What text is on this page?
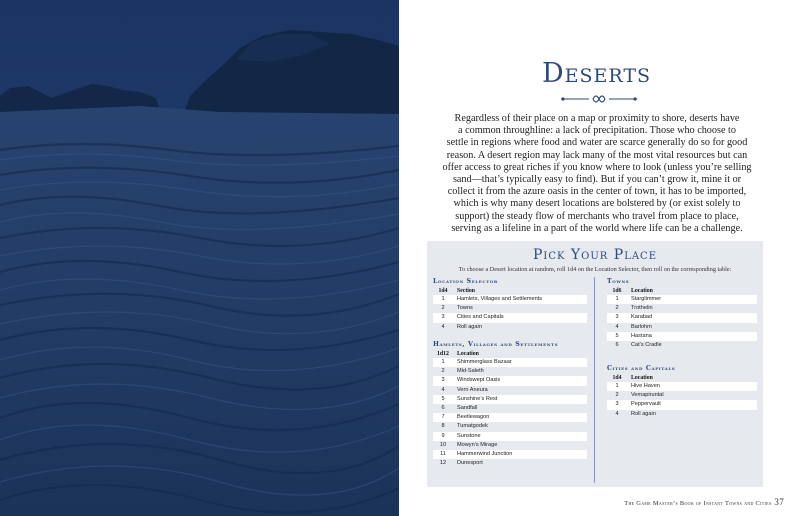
Deserts
Regardless of their place on a map or proximity to shore, deserts have
a common throughline: a lack of precipitation. Those who choose to
settle in regions where food and water are scarce generally do so for good
reason. A desert region may lack many of the most vital resources but can
offer access to great riches if you know where to look (unless you’re selling
sand—that’s typically easy to find). But if you can’t grow it, mine it or
collect it from the azure oasis in the center of town, it has to be imported,
which is why many desert locations are bolstered by (or exist solely to
support) the steady flow of merchants who travel from place to place,
serving as a lifeline in a part of the world where life can be a challenge.
Pick Your Place
To choose a Desert location at random, roll 1d4 on the Location Selector, then roll on the corresponding table:
Location Selector
1d4	Section
1	Hamlets, Villages and Settlements
2	Towns
3	Cities and Capitals
4	Roll again
Hamlets, Villages and Settlements
1d12	Location
1	Shimmerglass Bazaar
2	Mid-Saleth
3	Windswept Oasis
4	Vern Aneura
5	Sunshine’s Rest
6	Sandfall
7	Beetlewagon
8	Tumatgodek
9	Sunstone
10	Mowyn’s Mirage
11	Hammerwind Junction
12	Dunesport
Towns
1d6	Location
1	Starglimmer
2	Trothelin
3	Karabad
4	Barlohm
5	Hastana
6	Cat’s Cradle
Cities and Capitals
1d4	Location
1	Hive Haven
2	Vemapiruntal
3	Peppervault
4	Roll again
The Game Master’s Book of Instant Towns and Cities 37
